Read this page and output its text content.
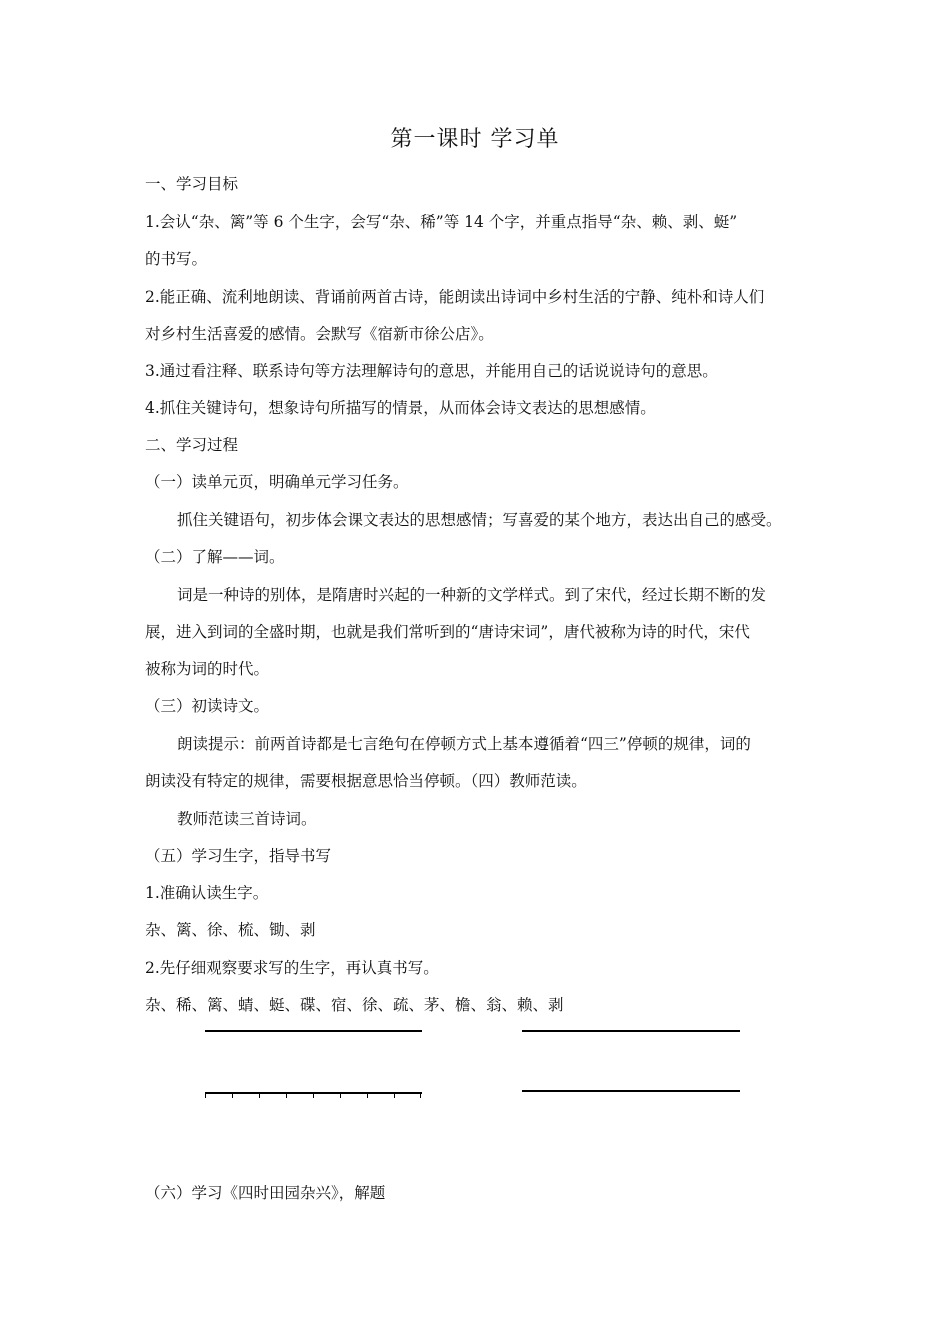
第一课时 学习单
一、学习目标
1.会认“杂、篱”等 6 个生字，会写“杂、稀”等 14 个字，并重点指导“杂、赖、剥、蜓”
的书写。
2.能正确、流利地朗读、背诵前两首古诗，能朗读出诗词中乡村生活的宁静、纯朴和诗人们
对乡村生活喜爱的感情。会默写《宿新市徐公店》。
3.通过看注释、联系诗句等方法理解诗句的意思，并能用自己的话说说诗句的意思。
4.抓住关键诗句，想象诗句所描写的情景，从而体会诗文表达的思想感情。
二、学习过程
（一）读单元页，明确单元学习任务。
抓住关键语句，初步体会课文表达的思想感情；写喜爱的某个地方，表达出自己的感受。
（二）了解——词。
词是一种诗的别体，是隋唐时兴起的一种新的文学样式。到了宋代，经过长期不断的发
展，进入到词的全盛时期，也就是我们常听到的“唐诗宋词”，唐代被称为诗的时代，宋代
被称为词的时代。
（三）初读诗文。
朗读提示：前两首诗都是七言绝句在停顿方式上基本遵循着“四三”停顿的规律，词的
朗读没有特定的规律，需要根据意思恰当停顿。（四）教师范读。
教师范读三首诗词。
（五）学习生字，指导书写
1.准确认读生字。
杂、篱、徐、梳、锄、剥
2.先仔细观察要求写的生字，再认真书写。
杂、稀、篱、蜻、蜓、碟、宿、徐、疏、茅、檐、翁、赖、剥
（六）学习《四时田园杂兴》，解题
